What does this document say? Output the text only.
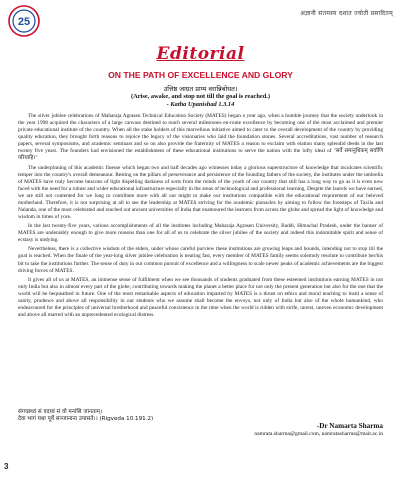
25
अज्ञानी संतमस्य दशात ज्योती प्रसादितम्
Editorial
ON THE PATH OF EXCELLENCE AND GLORY
उत्तिष्ठ जाग्रत प्राप्य वरान्निबोधत।
(Arise, awake, and stop not till the goal is reached.)
- Katha Upanishad 1.3.14

The silver jubilee celebrations of Maharaja Agrasen Technical Education Society (MATES) began a year ago, when a humble journey that the society undertook in the year 1998 acquired the characters of a large canvass destined to reach several milestones en-route excellence by becoming one of the most acclaimed and premier private educational institute of the country. When all the stake holders of this marvellous initiative aimed to cater to the overall development of the country by providing quality education, they brought forth reasons to rejoice the legacy of the visionaries who laid the foundation stones. Several accreditations, vast number of research papers, several symposiums, and academic seminars and so on also provide the fraternity of MATES a reason to exclaim with elation many splendid deeds in the last twenty five years. The founders had envisioned the establishment of these educational institutions to serve the nation with the lofty ideal of "सर्वे समानुधिकम् सर्वाणि परियाहि।"

The underpinning of this academic finesse which began two and half decades ago witnesses today a glorious superstructure of knowledge that inculcates scientific temper into the country's overall demeanour. Resting on the pillars of perseverance and persistence of the founding fathers of the society, the institutes under the umbrella of MATES have truly become beacons of light dispelling darkness of sorts from the minds of the youth of our country that still has a long way to go as it is even now faced with the need for a robust and wider educational infrastructure especially in the areas of technological and professional learning. Despite the laurels we have earned, we are still not contented for we long to contribute more with all our might to make our institutions compatible with the educational requirement of our beloved motherland. Therefore, it is not surprising at all to see the leadership at MATES striving for the academic pinnacles by aiming to follow the footsteps of Taxila and Nalanda, one of the most celebrated and reached out ancient universities of India that enamoured the learners from across the globe and spread the light of knowledge and wisdom in times of yore.

In the last twenty-five years, various accomplishments of all the institutes including Maharaja Agrasen University, Baddi, Himachal Pradesh, under the banner of MATES are undeniably enough to give more reasons than one for all of us to celebrate the silver jubilee of the society and indeed this indomitable spirit and sense of ecstasy is undying.

Nevertheless, there is a collective wisdom of the elders, under whose careful purview these institutions are growing leaps and bounds, intending not to stop till the goal is reached. When the finale of the year-long silver jubilee celebration is nearing fast, every member of MATES family seems solemnly resolute to contribute her/his bit to take the institutions further. The sense of duty in our common pursuit of excellence and a willingness to scale newer peaks of academic achievements are the biggest driving forces of MATES.

It gives all of us at MATES, an immense sense of fulfilment when we see thousands of students graduated from these esteemed institutions earning MATES in not only India but also in almost every part of the globe, contributing towards making the planet a better place for not only the present generation but also for the one that the world will be bequeathed in future. One of the most remarkable aspects of education imparted by MATES is a thrust on ethics and moral teaching to instil a sense of sanity, prudence and above all responsibility in our students who we assume shall become the envoys, not only of India but also of the whole humankind, who endeavoured for the principles of universal brotherhood and peaceful coexistence in the time when the world is ridden with strife, unrest, uneven economic development and above all marred with an unprecedented ecological distress.

संगच्छध्वं सं वदध्वं सं वो मनांसि जानताम्।
देवा भागं यथा पूर्वे सञ्जानाना उपासते।। (Rigveda 10.191.2)
-Dr Namarta Sharma
namrata.sharma@gmail.com, namratasharma@mait.ac.in
3
